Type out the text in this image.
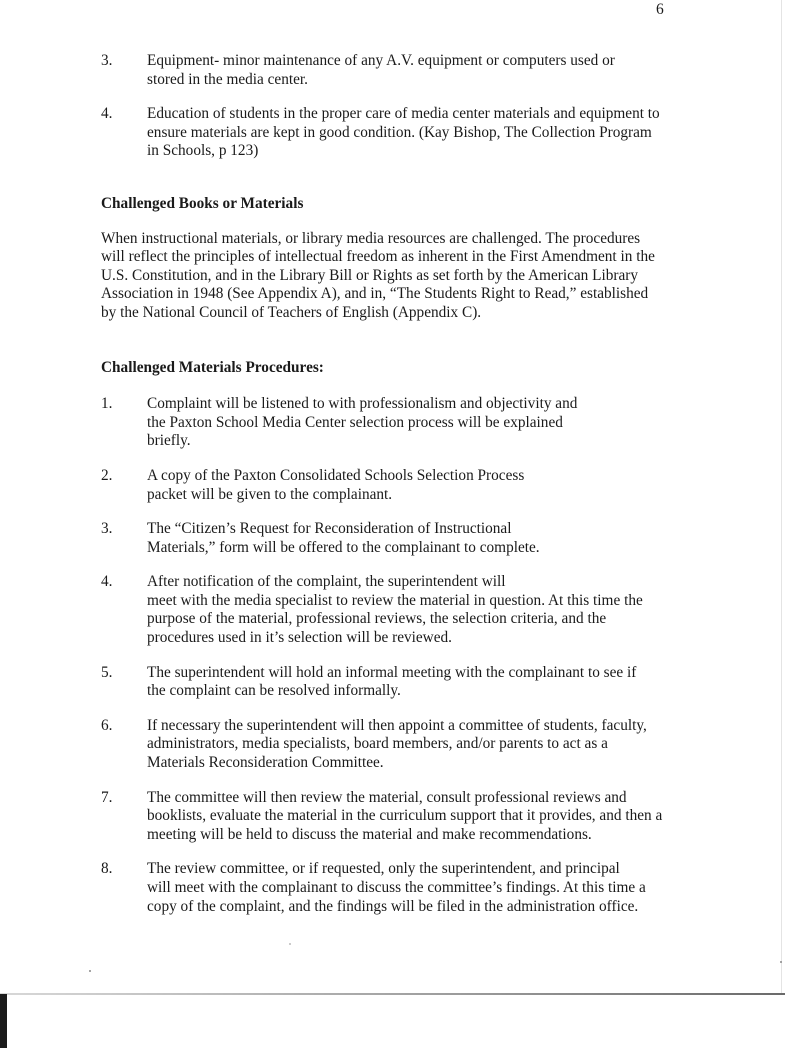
6
3.	Equipment- minor maintenance of any A.V. equipment or computers used or
stored in the media center.
4.	Education of students in the proper care of media center materials and equipment to
ensure materials are kept in good condition. (Kay Bishop, The Collection Program
in Schools, p 123)
Challenged Books or Materials
When instructional materials, or library media resources are challenged. The procedures
will reflect the principles of intellectual freedom as inherent in the First Amendment in the
U.S. Constitution, and in the Library Bill or Rights as set forth by the American Library
Association in 1948 (See Appendix A), and in, “The Students Right to Read,” established
by the National Council of Teachers of English (Appendix C).
Challenged Materials Procedures:
1.	Complaint will be listened to with professionalism and objectivity and
the Paxton School Media Center selection process will be explained
briefly.
2.	A copy of the Paxton Consolidated Schools Selection Process
packet will be given to the complainant.
3.	The “Citizen’s Request for Reconsideration of Instructional
Materials,” form will be offered to the complainant to complete.
4.	After notification of the complaint, the superintendent will
meet with the media specialist to review the material in question. At this time the
purpose of the material, professional reviews, the selection criteria, and the
procedures used in it’s selection will be reviewed.
5.	The superintendent will hold an informal meeting with the complainant to see if
the complaint can be resolved informally.
6.	If necessary the superintendent will then appoint a committee of students, faculty,
administrators, media specialists, board members, and/or parents to act as a
Materials Reconsideration Committee.
7.	The committee will then review the material, consult professional reviews and
booklists, evaluate the material in the curriculum support that it provides, and then a
meeting will be held to discuss the material and make recommendations.
8.	The review committee, or if requested, only the superintendent, and principal
will meet with the complainant to discuss the committee’s findings. At this time a
copy of the complaint, and the findings will be filed in the administration office.
